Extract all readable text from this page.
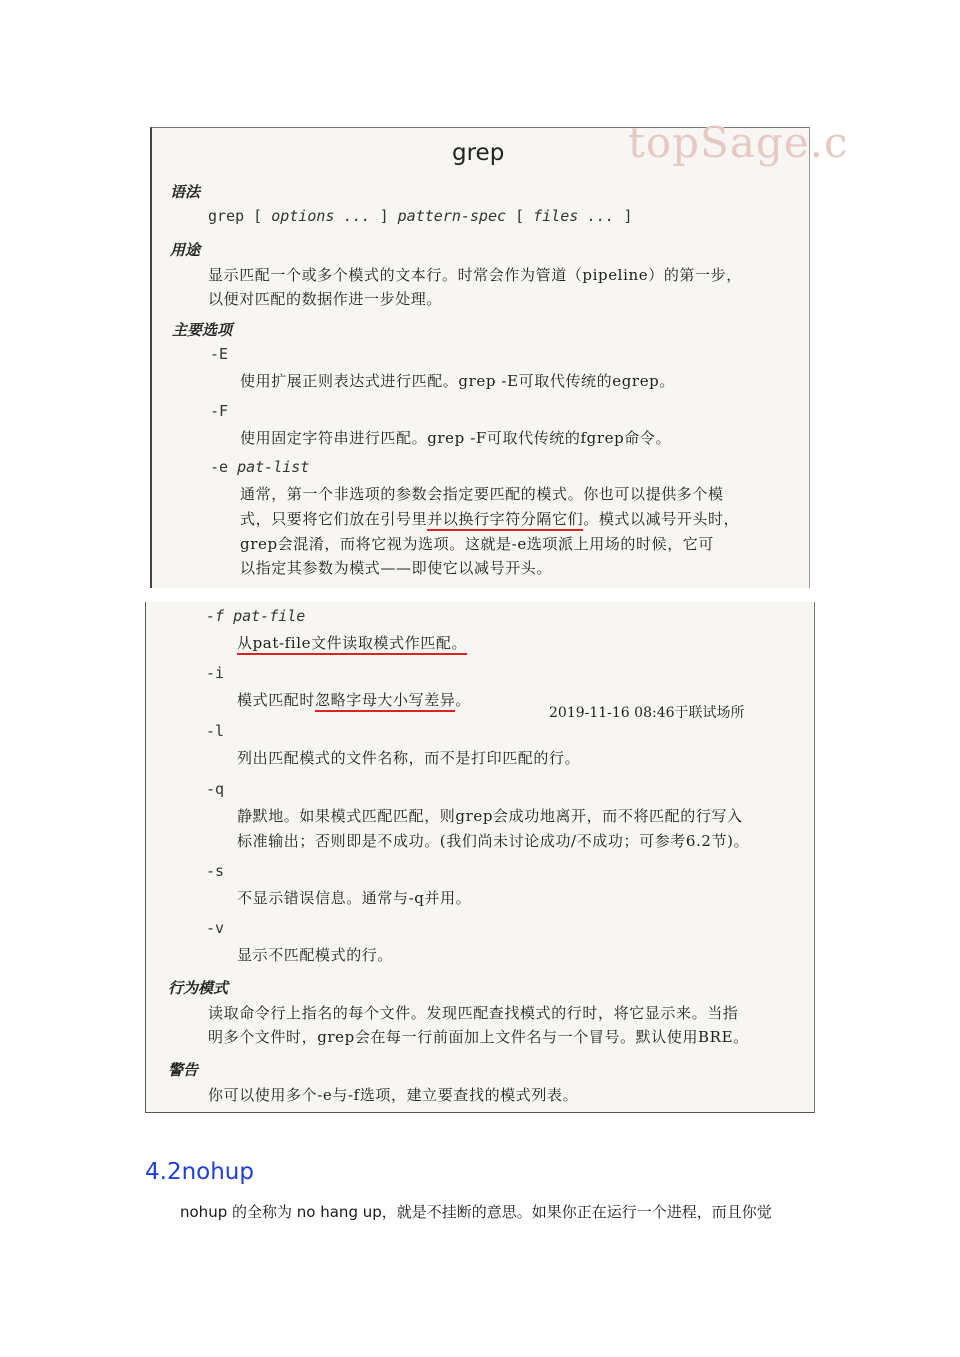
topSage.c
grep
语法
grep [ options ... ] pattern-spec [ files ... ]
用途
显示匹配一个或多个模式的文本行。时常会作为管道（pipeline）的第一步，
以便对匹配的数据作进一步处理。
主要选项
-E
使用扩展正则表达式进行匹配。grep -E可取代传统的egrep。
-F
使用固定字符串进行匹配。grep -F可取代传统的fgrep命令。
-e pat-list
通常，第一个非选项的参数会指定要匹配的模式。你也可以提供多个模
式，只要将它们放在引号里并以换行字符分隔它们。模式以减号开头时，
grep会混淆，而将它视为选项。这就是-e选项派上用场的时候，它可
以指定其参数为模式——即使它以减号开头。
-f pat-file
从pat-file文件读取模式作匹配。
-i
模式匹配时忽略字母大小写差异。
-l
列出匹配模式的文件名称，而不是打印匹配的行。
-q
静默地。如果模式匹配匹配，则grep会成功地离开，而不将匹配的行写入
标准输出；否则即是不成功。(我们尚未讨论成功/不成功；可参考6.2节)。
-s
不显示错误信息。通常与-q并用。
-v
显示不匹配模式的行。
行为模式
读取命令行上指名的每个文件。发现匹配查找模式的行时，将它显示来。当指
明多个文件时，grep会在每一行前面加上文件名与一个冒号。默认使用BRE。
警告
你可以使用多个-e与-f选项，建立要查找的模式列表。
2019-11-16 08:46于联试场所
4.2nohup
nohup 的全称为 no hang up，就是不挂断的意思。如果你正在运行一个进程，而且你觉
